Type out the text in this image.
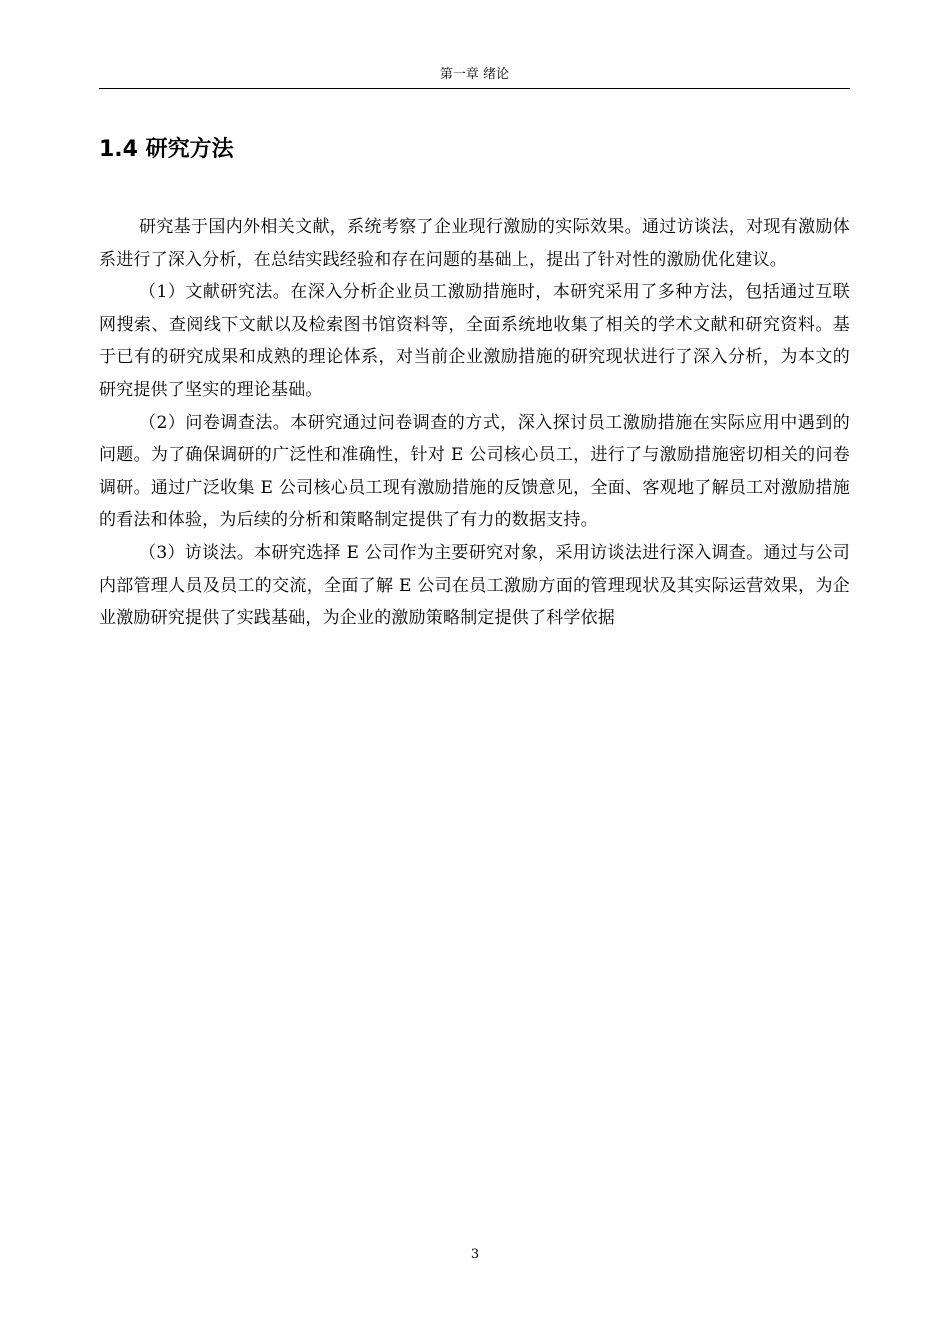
第一章 绪论
1.4 研究方法

研究基于国内外相关文献，系统考察了企业现行激励的实际效果。通过访谈法，对现有激励体系进行了深入分析，在总结实践经验和存在问题的基础上，提出了针对性的激励优化建议。

（1）文献研究法。在深入分析企业员工激励措施时，本研究采用了多种方法，包括通过互联网搜索、查阅线下文献以及检索图书馆资料等，全面系统地收集了相关的学术文献和研究资料。基于已有的研究成果和成熟的理论体系，对当前企业激励措施的研究现状进行了深入分析，为本文的研究提供了坚实的理论基础。

（2）问卷调查法。本研究通过问卷调查的方式，深入探讨员工激励措施在实际应用中遇到的问题。为了确保调研的广泛性和准确性，针对 E 公司核心员工，进行了与激励措施密切相关的问卷调研。通过广泛收集 E 公司核心员工现有激励措施的反馈意见，全面、客观地了解员工对激励措施的看法和体验，为后续的分析和策略制定提供了有力的数据支持。

（3）访谈法。本研究选择 E 公司作为主要研究对象，采用访谈法进行深入调查。通过与公司内部管理人员及员工的交流，全面了解 E 公司在员工激励方面的管理现状及其实际运营效果，为企业激励研究提供了实践基础，为企业的激励策略制定提供了科学依据

3
